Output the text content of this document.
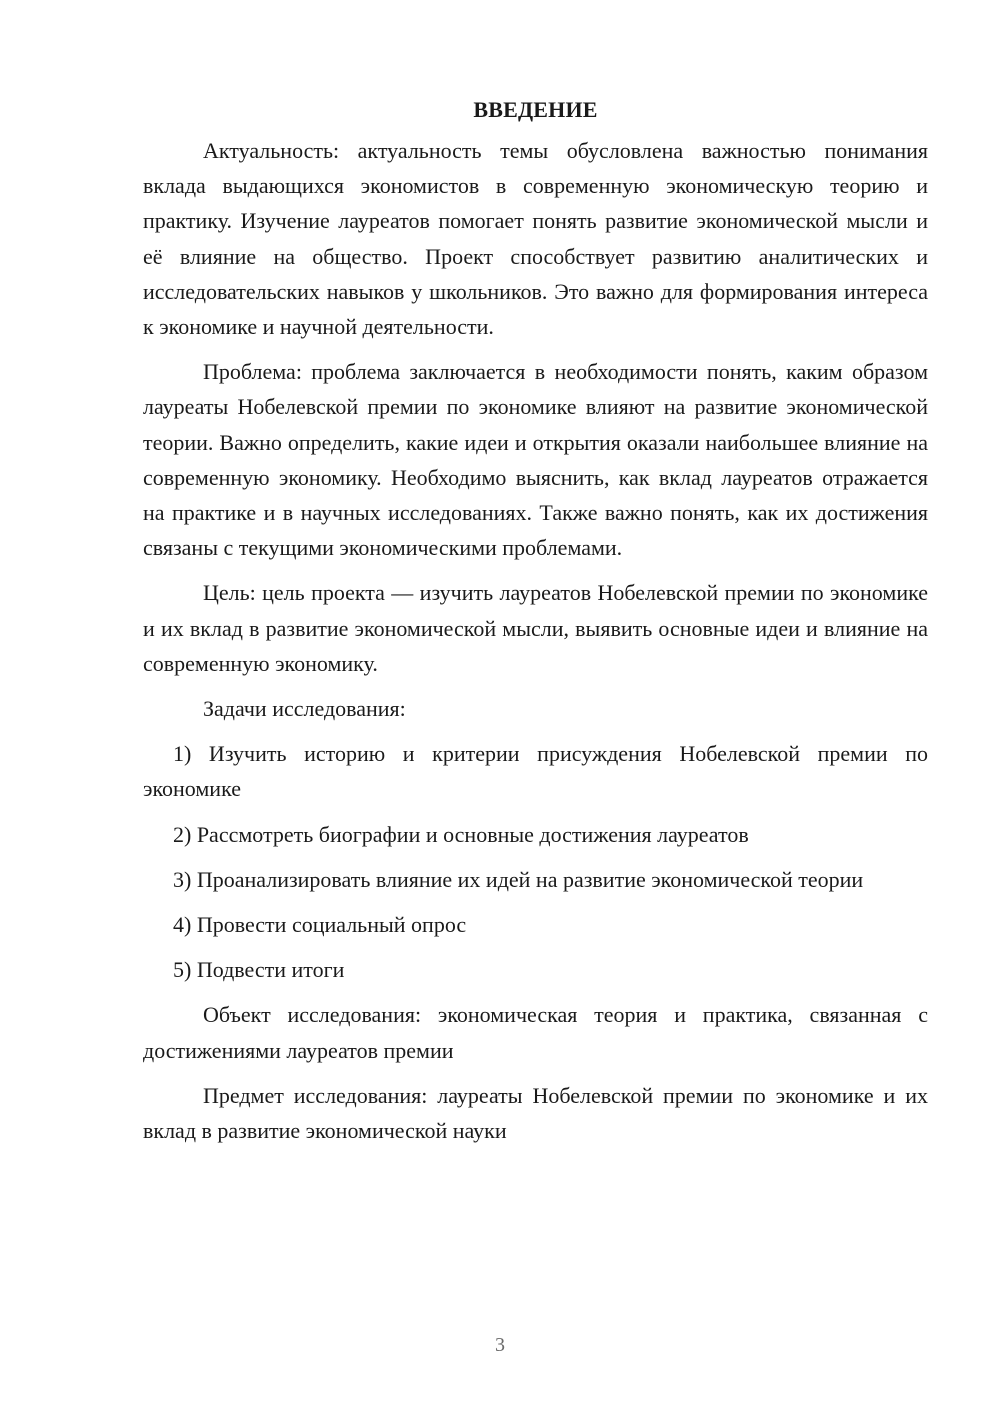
ВВЕДЕНИЕ

Актуальность: актуальность темы обусловлена важностью понимания вклада выдающихся экономистов в современную экономическую теорию и практику. Изучение лауреатов помогает понять развитие экономической мысли и её влияние на общество. Проект способствует развитию аналитических и исследовательских навыков у школьников. Это важно для формирования интереса к экономике и научной деятельности.

Проблема: проблема заключается в необходимости понять, каким образом лауреаты Нобелевской премии по экономике влияют на развитие экономической теории. Важно определить, какие идеи и открытия оказали наибольшее влияние на современную экономику. Необходимо выяснить, как вклад лауреатов отражается на практике и в научных исследованиях. Также важно понять, как их достижения связаны с текущими экономическими проблемами.

Цель: цель проекта — изучить лауреатов Нобелевской премии по экономике и их вклад в развитие экономической мысли, выявить основные идеи и влияние на современную экономику.

Задачи исследования:

1) Изучить историю и критерии присуждения Нобелевской премии по экономике

2) Рассмотреть биографии и основные достижения лауреатов

3) Проанализировать влияние их идей на развитие экономической теории

4) Провести социальный опрос

5) Подвести итоги

Объект исследования: экономическая теория и практика, связанная с достижениями лауреатов премии

Предмет исследования: лауреаты Нобелевской премии по экономике и их вклад в развитие экономической науки

3
